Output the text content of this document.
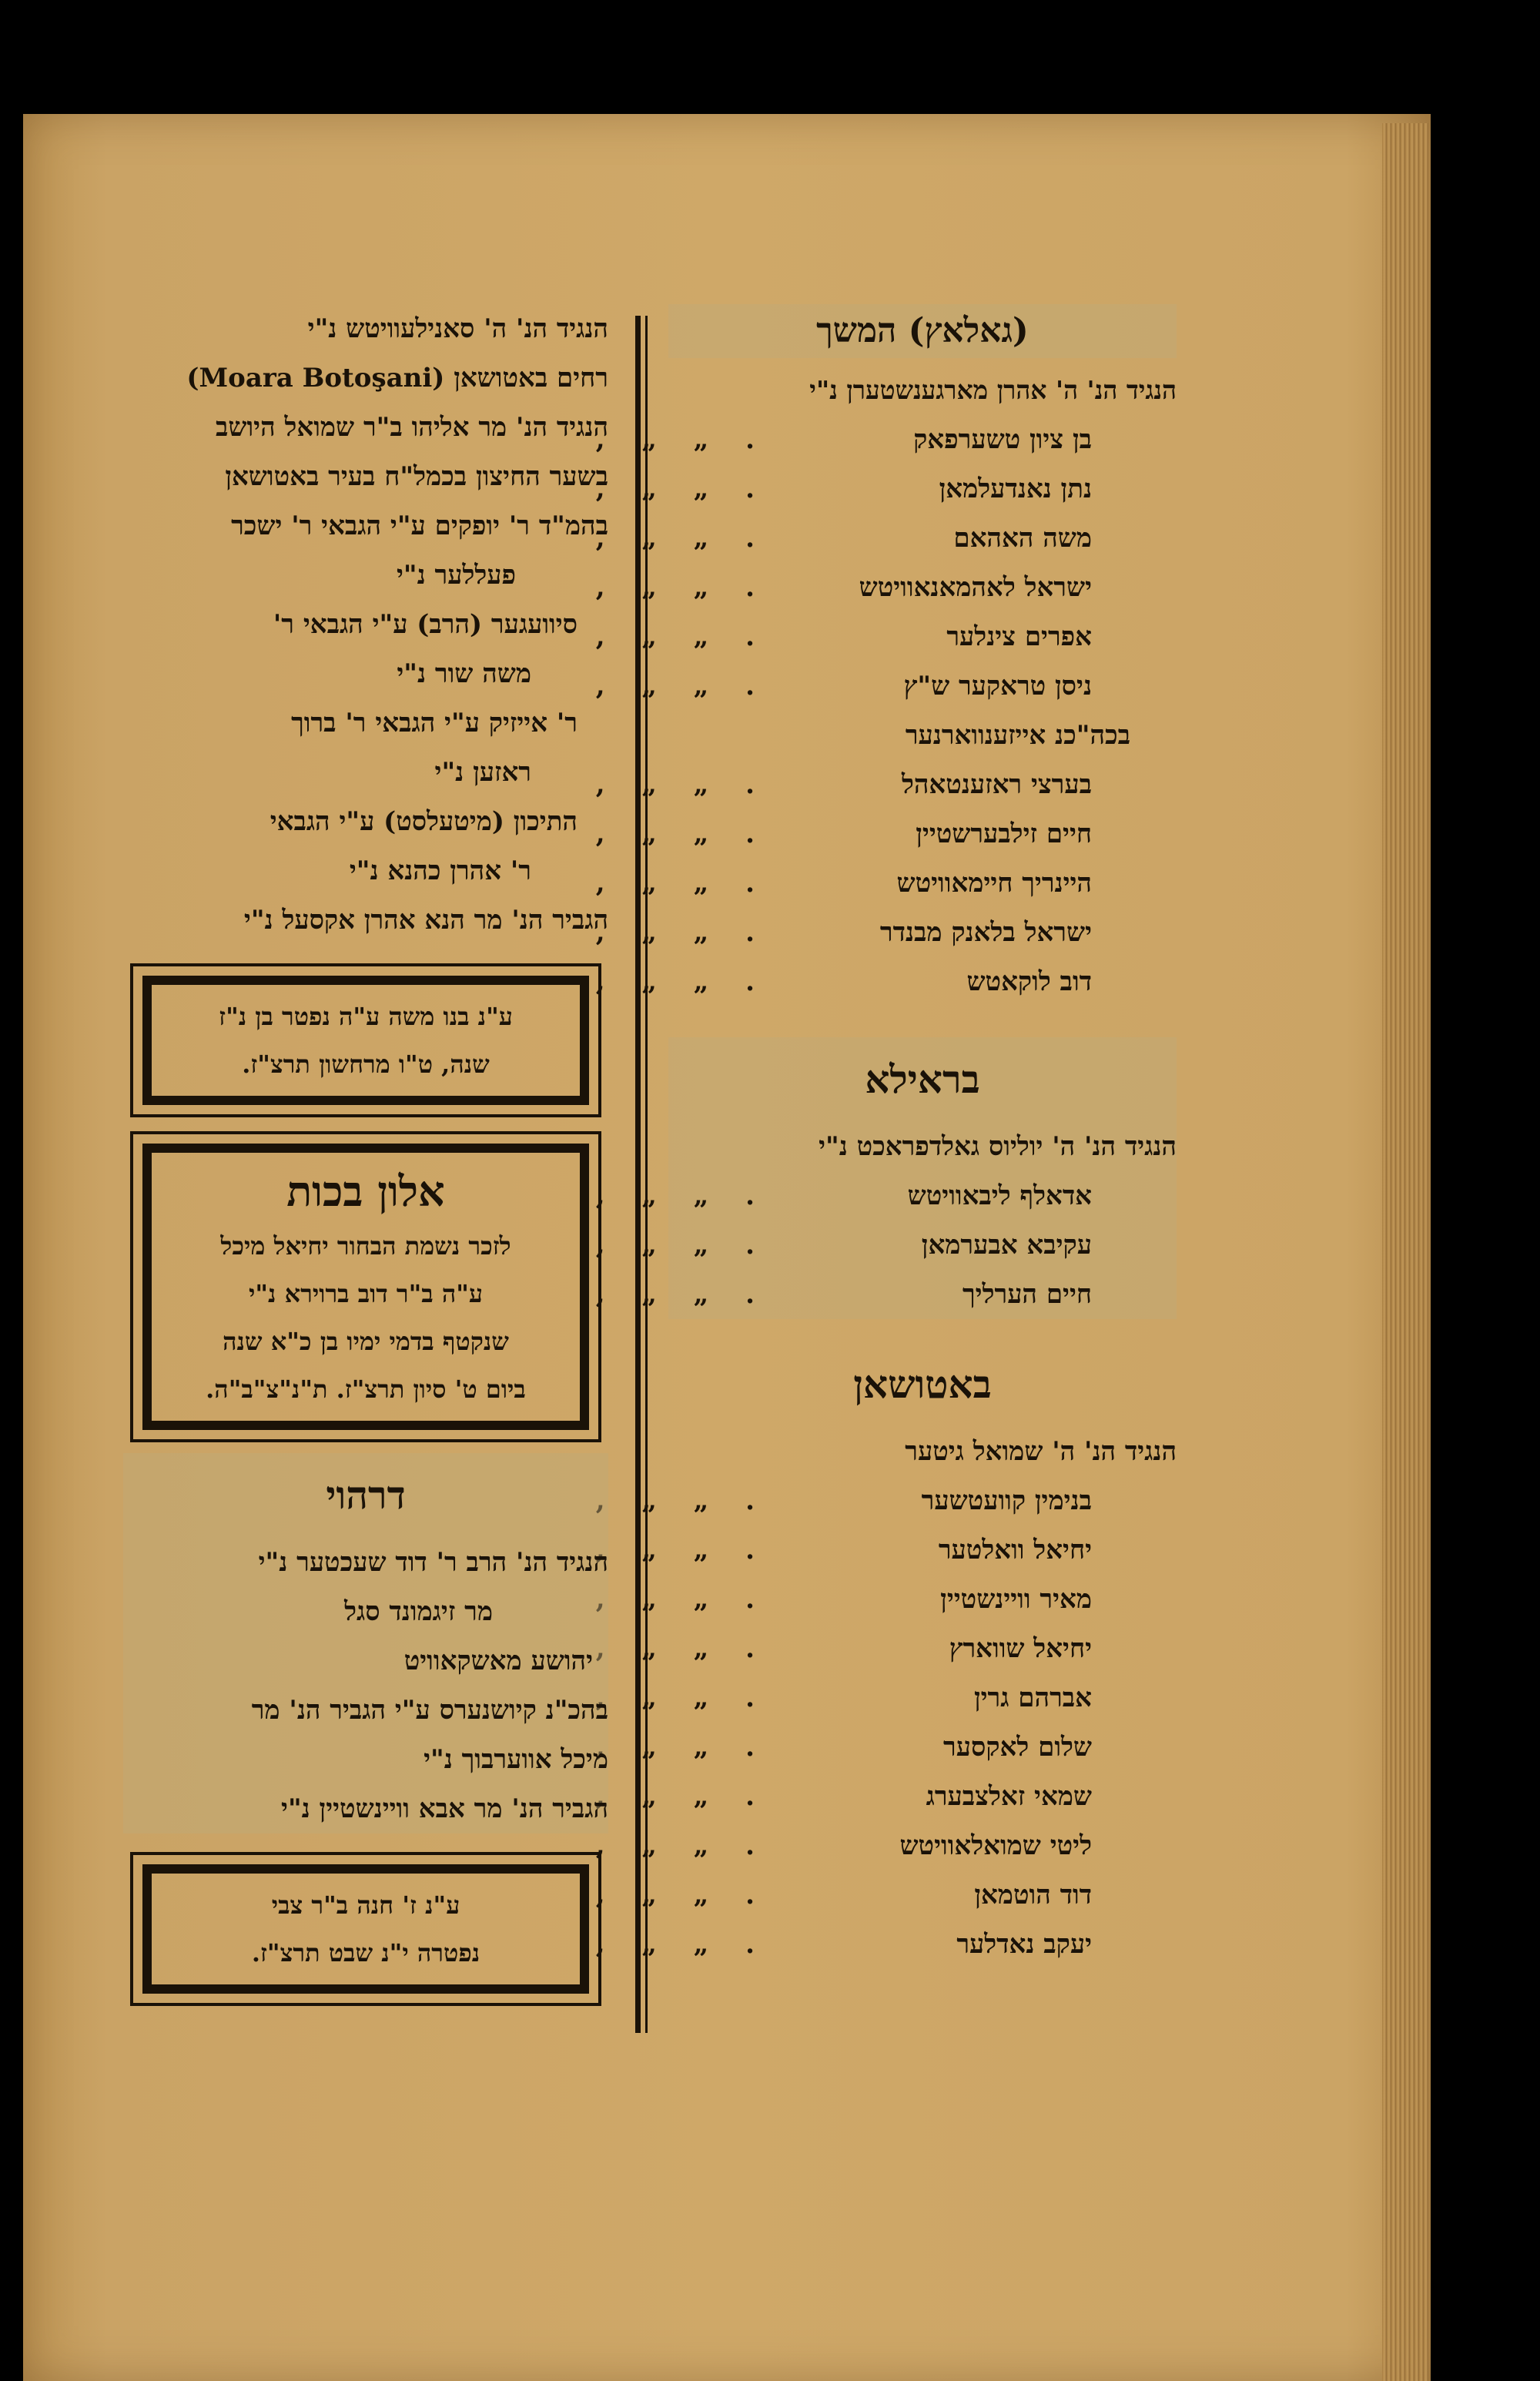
(גאלאץ) המשך
הנגיד הנ' ה' אהרן מארגענשטערן נ"י
בן ציון טשערפאק
. „ „ ,
נתן נאנדעלמאן
. „ „ ,
משה האהאם
. „ „ ,
ישראל לאהמאנאוויטש
. „ „ ,
אפרים צינלער
. „ „ ,
ניסן טראקער ש"ץ
. „ „ ,
בכה"כנ אייזענווארנער
בערצי ראזענטאהל
. „ „ ,
חיים זילבערשטיין
. „ „ ,
היינריך חיימאוויטש
. „ „ ,
ישראל בלאנק מבנדר
. „ „ ,
דוב לוקאטש
. „ „ ,
בראילא
הנגיד הנ' ה' יוליוס גאלדפראכט נ"י
אדאלף ליבאוויטש
. „ „ ,
עקיבא אבערמאן
. „ „ ,
חיים הערליך
. „ „ ,
באטושאן
הנגיד הנ' ה' שמואל גיטער
בנימין קוועטשער
. „ „ ,
יחיאל וואלטער
. „ „ ,
מאיר וויינשטיין
. „ „ ,
יחיאל שווארץ
. „ „ ,
אברהם גרין
. „ „ ,
שלום לאקסער
. „ „ ,
שמאי זאלצבערג
. „ „ ,
ליטי שמואלאוויטש
. „ „ ,
דוד הוטמאן
. „ „ ,
יעקב נאדלער
. „ „ ,
הנגיד הנ' ה' סאנילעוויטש נ"י
רחים באטושאן (Moara Botoşani)
הנגיד הנ' מר אליהו ב"ר שמואל היושב
בשער החיצון בכמל"ח בעיר באטושאן
בהמ"ד ר' יופקים ע"י הגבאי ר' ישכר
פעללער נ"י
סיוועגער (הרב) ע"י הגבאי ר'
משה שור נ"י
ר' אייזיק ע"י הגבאי ר' ברוך
ראזען נ"י
התיכון (מיטעלסט) ע"י הגבאי
ר' אהרן כהנא נ"י
הגביר הנ' מר הנא אהרן אקסעל נ"י
ע"נ בנו משה ע"ה נפטר בן נ"ז
שנה, ט"ו מרחשון תרצ"ז.
אלון בכות
לזכר נשמת הבחור יחיאל מיכל
ע"ה ב"ר דוב ברוירא נ"י
שנקטף בדמי ימיו בן כ"א שנה
ביום ט' סיון תרצ"ז. ת"נ"צ"ב"ה.
דרהוי
הנגיד הנ' הרב ר' דוד שעכטער נ"י
מר זיגמונד סגל
יהושע מאשקאוויט
בהכ"נ קיושנערס ע"י הגביר הנ' מר
מיכל אווערבוך נ"י
הגביר הנ' מר אבא וויינשטיין נ"י
ע"נ ז' חנה ב"ר צבי
נפטרה י"נ שבט תרצ"ז.
